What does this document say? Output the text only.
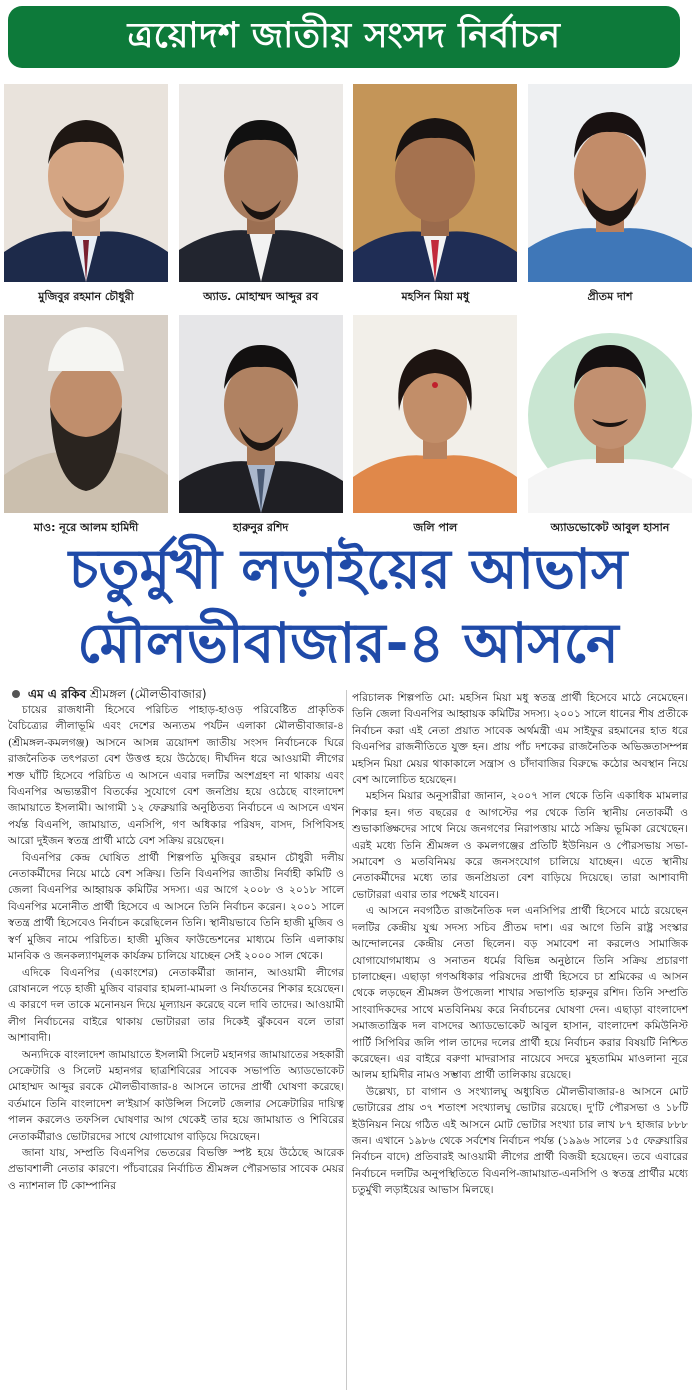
ত্রয়োদশ জাতীয় সংসদ নির্বাচন
মুজিবুর রহমান চৌধুরী	অ্যাড. মোহাম্মদ আব্দুর রব	মহসিন মিয়া মধু	প্রীতম দাশ
মাও: নূরে আলম হামিদী	হারুনুর রশিদ	জলি পাল	অ্যাডভোকেট আবুল হাসান
চতুর্মুখী লড়াইয়ের আভাস
মৌলভীবাজার-৪ আসনে
এম এ রকিব শ্রীমঙ্গল (মৌলভীবাজার)

চায়ের রাজধানী হিসেবে পরিচিত পাহাড়-হাওড় পরিবেষ্টিত প্রাকৃতিক বৈচিত্র্যের লীলাভূমি এবং দেশের অন্যতম পর্যটন এলাকা মৌলভীবাজার-৪ (শ্রীমঙ্গল-কমলগঞ্জ) আসনে আসন্ন ত্রয়োদশ জাতীয় সংসদ নির্বাচনকে ঘিরে রাজনৈতিক তৎপরতা বেশ উত্তপ্ত হয়ে উঠেছে। দীর্ঘদিন ধরে আওয়ামী লীগের শক্ত ঘাঁটি হিসেবে পরিচিত এ আসনে এবার দলটির অংশগ্রহণ না থাকায় এবং বিএনপির অভ্যন্তরীণ বিতর্কের সুযোগে বেশ জনপ্রিয় হয়ে ওঠেছে বাংলাদেশ জামায়াতে ইসলামী। আগামী ১২ ফেব্রুয়ারি অনুষ্ঠিতব্য নির্বাচনে এ আসনে এখন পর্যন্ত বিএনপি, জামায়াত, এনসিপি, গণ অধিকার পরিষদ, বাসদ, সিপিবিসহ আরো দুইজন স্বতন্ত্র প্রার্থী মাঠে বেশ সক্রিয় রয়েছেন।

বিএনপির কেন্দ্র ঘোষিত প্রার্থী শিল্পপতি মুজিবুর রহমান চৌধুরী দলীয় নেতাকর্মীদের নিয়ে মাঠে বেশ সক্রিয়। তিনি বিএনপির জাতীয় নির্বাহী কমিটি ও জেলা বিএনপির আহ্বায়ক কমিটির সদস্য। এর আগে ২০০৮ ও ২০১৮ সালে বিএনপির মনোনীত প্রার্থী হিসেবে এ আসনে তিনি নির্বাচন করেন। ২০০১ সালে স্বতন্ত্র প্রার্থী হিসেবেও নির্বাচন করেছিলেন তিনি। স্থানীয়ভাবে তিনি হাজী মুজিব ও স্বর্ণ মুজিব নামে পরিচিত। হাজী মুজিব ফাউন্ডেশনের মাধ্যমে তিনি এলাকায় মানবিক ও জনকল্যাণমূলক কার্যক্রম চালিয়ে যাচ্ছেন সেই ২০০০ সাল থেকে।

এদিকে বিএনপির (একাংশের) নেতাকর্মীরা জানান, আওয়ামী লীগের রোষানলে পড়ে হাজী মুজিব বারবার হামলা-মামলা ও নির্যাতনের শিকার হয়েছেন। এ কারণে দল তাকে মনোনয়ন দিয়ে মূল্যায়ন করেছে বলে দাবি তাদের। আওয়ামী লীগ নির্বাচনের বাইরে থাকায় ভোটাররা তার দিকেই ঝুঁকবেন বলে তারা আশাবাদী।

অন্যদিকে বাংলাদেশ জামায়াতে ইসলামী সিলেট মহানগর জামায়াতের সহকারী সেক্রেটারি ও সিলেট মহানগর ছাত্রশিবিরের সাবেক সভাপতি অ্যাডভোকেট মোহাম্মদ আব্দুর রবকে মৌলভীবাজার-৪ আসনে তাদের প্রার্থী ঘোষণা করেছে। বর্তমানে তিনি বাংলাদেশ ল'ইয়ার্স কাউন্সিল সিলেট জেলার সেক্রেটারির দায়িত্ব পালন করলেও তফসিল ঘোষণার আগ থেকেই তার হয়ে জামায়াত ও শিবিরের নেতাকর্মীরাও ভোটারদের সাথে যোগাযোগ বাড়িয়ে দিয়েছেন।

জানা যায়, সম্প্রতি বিএনপির ভেতরের বিভক্তি স্পষ্ট হয়ে উঠেছে আরেক প্রভাবশালী নেতার কারণে। পাঁচবারের নির্বাচিত শ্রীমঙ্গল পৌরসভার সাবেক মেয়র ও ন্যাশনাল টি কোম্পানির

পরিচালক শিল্পপতি মো: মহসিন মিয়া মধু স্বতন্ত্র প্রার্থী হিসেবে মাঠে নেমেছেন। তিনি জেলা বিএনপির আহ্বায়ক কমিটির সদস্য। ২০০১ সালে ধানের শীষ প্রতীকে নির্বাচন করা এই নেতা প্রয়াত সাবেক অর্থমন্ত্রী এম সাইফুর রহমানের হাত ধরে বিএনপির রাজনীতিতে যুক্ত হন। প্রায় পাঁচ দশকের রাজনৈতিক অভিজ্ঞতাসম্পন্ন মহসিন মিয়া মেয়র থাকাকালে সন্ত্রাস ও চাঁদাবাজির বিরুদ্ধে কঠোর অবস্থান নিয়ে বেশ আলোচিত হয়েছেন।

মহসিন মিয়ার অনুসারীরা জানান, ২০০৭ সাল থেকে তিনি একাধিক মামলার শিকার হন। গত বছরের ৫ আগস্টের পর থেকে তিনি স্থানীয় নেতাকর্মী ও শুভাকাঙ্ক্ষিদের সাথে নিয়ে জনগণের নিরাপত্তায় মাঠে সক্রিয় ভূমিকা রেখেছেন। এরই মধ্যে তিনি শ্রীমঙ্গল ও কমলগঞ্জের প্রতিটি ইউনিয়ন ও পৌরসভায় সভা-সমাবেশ ও মতবিনিময় করে জনসংযোগ চালিয়ে যাচ্ছেন। এতে স্থানীয় নেতাকর্মীদের মধ্যে তার জনপ্রিয়তা বেশ বাড়িয়ে দিয়েছে। তারা আশাবাদী ভোটাররা এবার তার পক্ষেই যাবেন।

এ আসনে নবগঠিত রাজনৈতিক দল এনসিপির প্রার্থী হিসেবে মাঠে রয়েছেন দলটির কেন্দ্রীয় যুগ্ম সদস্য সচিব প্রীতম দাশ। এর আগে তিনি রাষ্ট্র সংস্কার আন্দোলনের কেন্দ্রীয় নেতা ছিলেন। বড় সমাবেশ না করলেও সামাজিক যোগাযোগমাধ্যম ও সনাতন ধর্মের বিভিন্ন অনুষ্ঠানে তিনি সক্রিয় প্রচারণা চালাচ্ছেন। এছাড়া গণঅধিকার পরিষদের প্রার্থী হিসেবে চা শ্রমিকের এ আসন থেকে লড়ছেন শ্রীমঙ্গল উপজেলা শাখার সভাপতি হারুনুর রশিদ। তিনি সম্প্রতি সাংবাদিকদের সাথে মতবিনিময় করে নির্বাচনের ঘোষণা দেন। এছাড়া বাংলাদেশ সমাজতান্ত্রিক দল বাসদের অ্যাডভোকেট আবুল হাসান, বাংলাদেশ কমিউনিস্ট পার্টি সিপিবির জলি পাল তাদের দলের প্রার্থী হয়ে নির্বাচন করার বিষয়টি নিশ্চিত করেছেন। এর বাইরে বরুণা মাদরাসার নায়েবে সদরে মুহতামিম মাওলানা নূরে আলম হামিদীর নামও সম্ভাব্য প্রার্থী তালিকায় রয়েছে।

উল্লেখ্য, চা বাগান ও সংখ্যালঘু অধ্যুষিত মৌলভীবাজার-৪ আসনে মোট ভোটারের প্রায় ৩৭ শতাংশ সংখ্যালঘু ভোটার রয়েছে। দু'টি পৌরসভা ও ১৮টি ইউনিয়ন নিয়ে গঠিত এই আসনে মোট ভোটার সংখ্যা চার লাখ ৮৭ হাজার ৮৮৮ জন। এখানে ১৯৮৬ থেকে সর্বশেষ নির্বাচন পর্যন্ত (১৯৯৬ সালের ১৫ ফেব্রুয়ারির নির্বাচন বাদে) প্রতিবারই আওয়ামী লীগের প্রার্থী বিজয়ী হয়েছেন। তবে এবারের নির্বাচনে দলটির অনুপস্থিতিতে বিএনপি-জামায়াত-এনসিপি ও স্বতন্ত্র প্রার্থীর মধ্যে চতুর্মুখী লড়াইয়ের আভাস মিলছে।
